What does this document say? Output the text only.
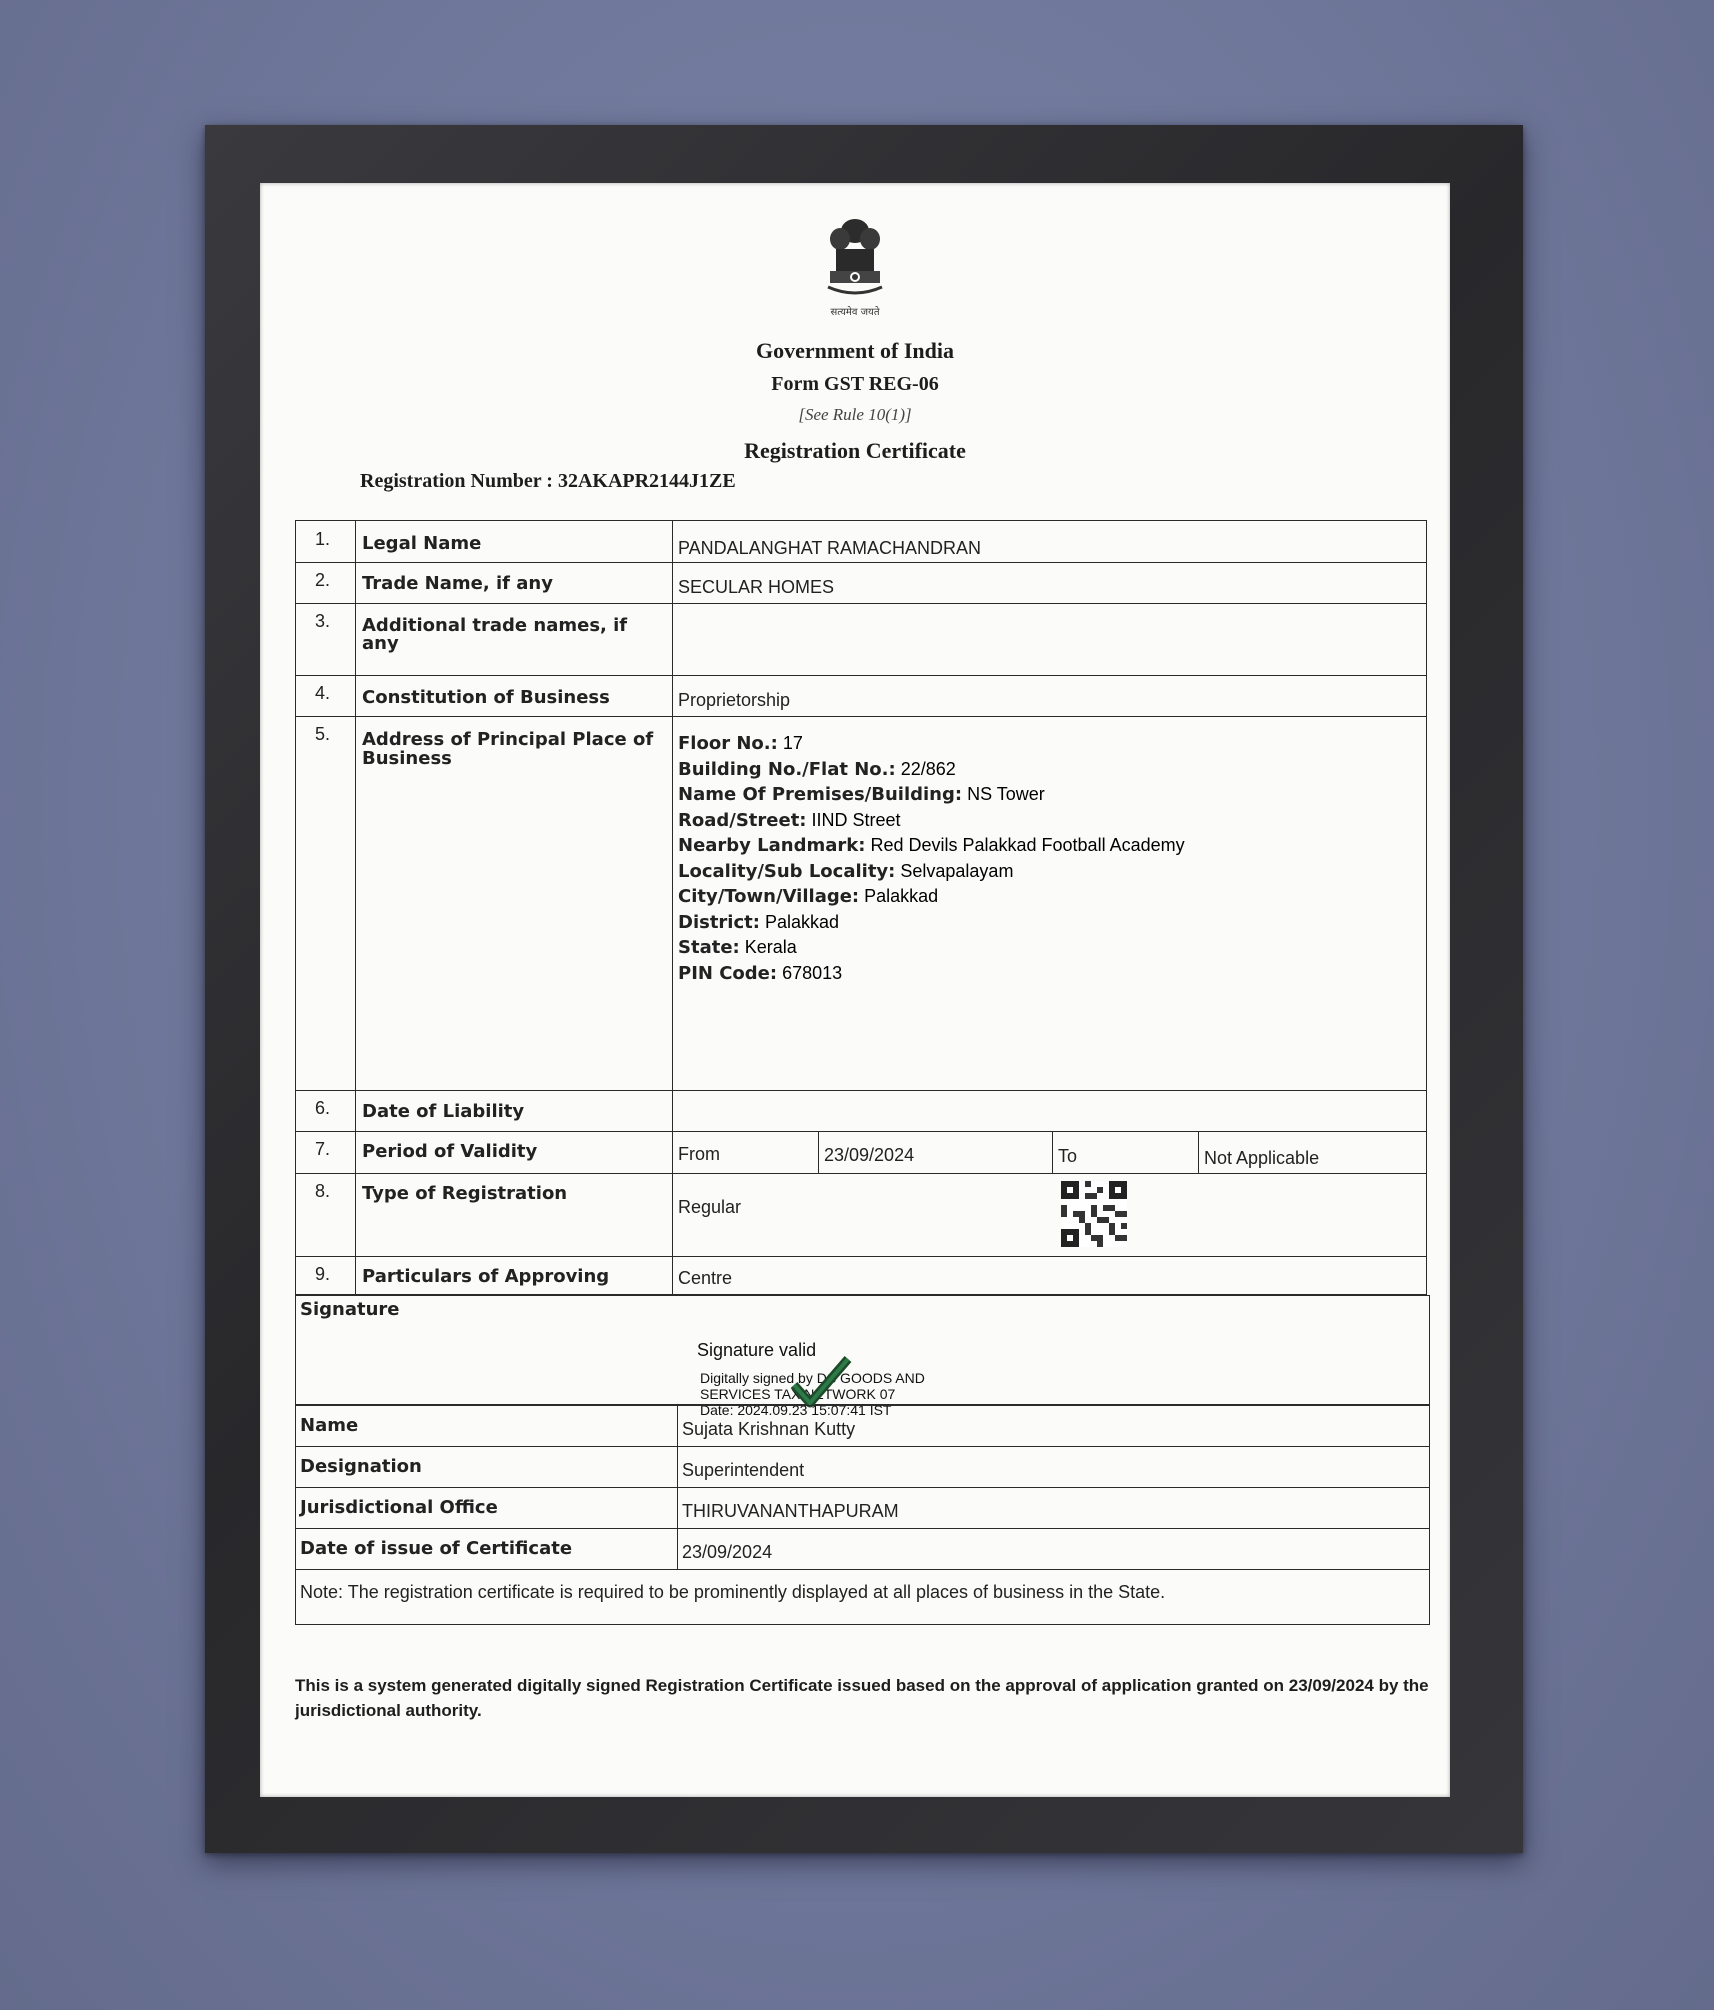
सत्यमेव जयते
Government of India
Form GST REG-06
[See Rule 10(1)]
Registration Certificate
Registration Number : 32AKAPR2144J1ZE
1. Legal Name	PANDALANGHAT RAMACHANDRAN
2. Trade Name, if any	SECULAR HOMES
3. Additional trade names, if
any
4. Constitution of Business	Proprietorship
5. Address of Principal Place of
Business
Floor No.: 17
Building No./Flat No.: 22/862
Name Of Premises/Building: NS Tower
Road/Street: IIND Street
Nearby Landmark: Red Devils Palakkad Football Academy
Locality/Sub Locality: Selvapalayam
City/Town/Village: Palakkad
District: Palakkad
State: Kerala
PIN Code: 678013
6. Date of Liability
7. Period of Validity	From	23/09/2024	To	Not Applicable
8. Type of Registration
Regular
9. Particulars of Approving	Centre
Signature
Signature valid
Digitally signed by DS GOODS AND
SERVICES TAX NETWORK 07
Date: 2024.09.23 15:07:41 IST
Name	Sujata Krishnan Kutty
Designation	Superintendent
Jurisdictional Office	THIRUVANANTHAPURAM
Date of issue of Certificate	23/09/2024
Note: The registration certificate is required to be prominently displayed at all places of business in the State.
This is a system generated digitally signed Registration Certificate issued based on the approval of application granted on 23/09/2024 by the jurisdictional authority.
